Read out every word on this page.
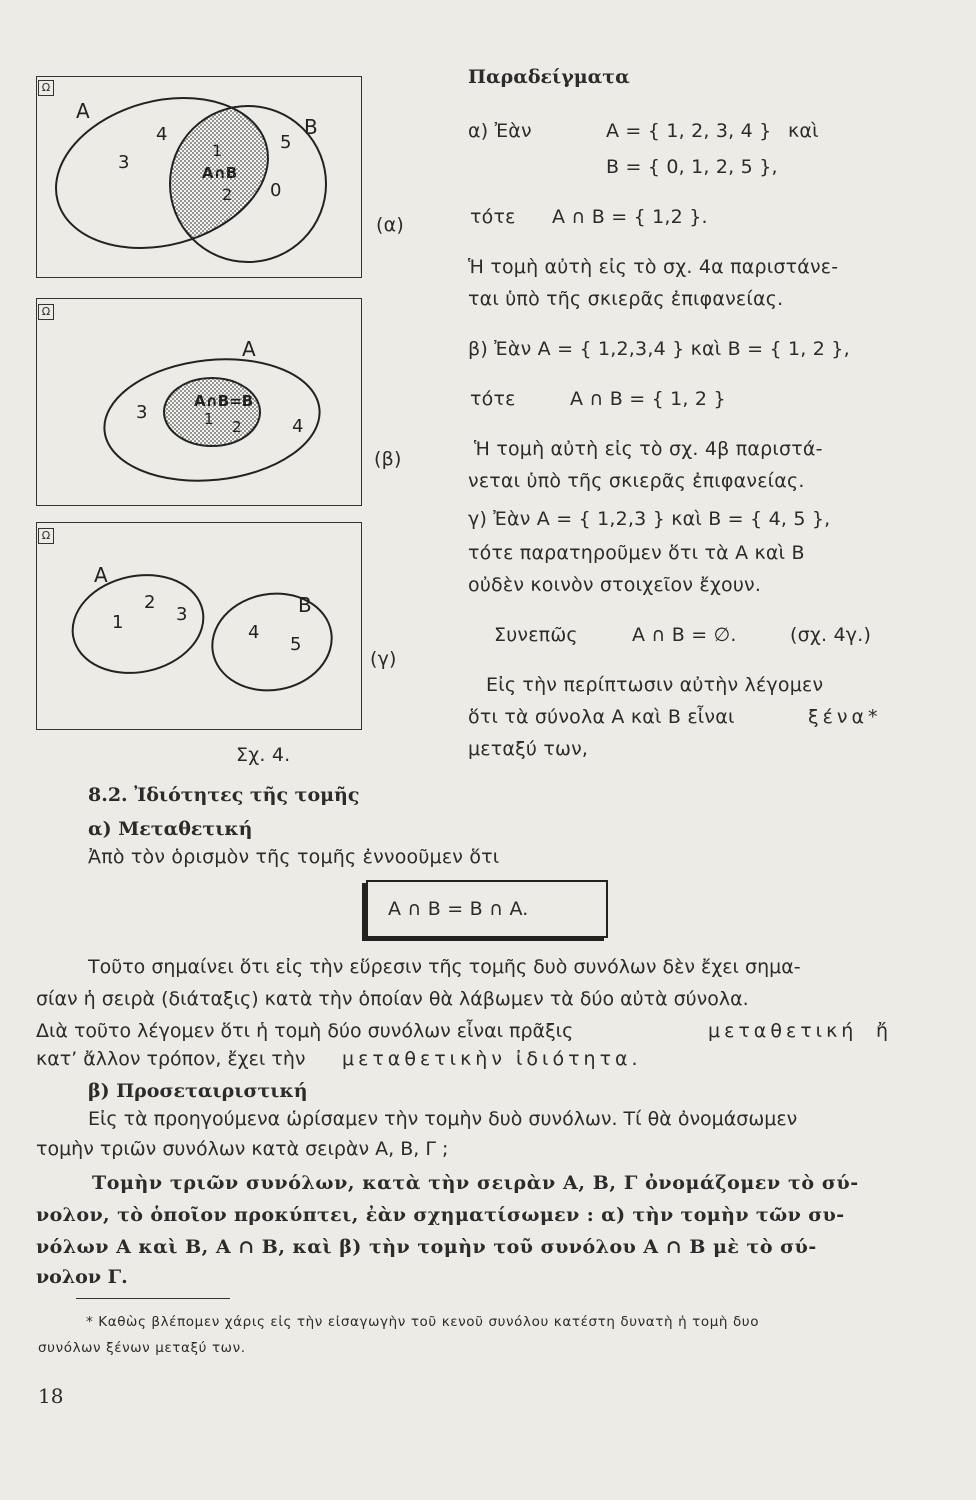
Ω
A
B
A∩B
3
4
1
2
5
0
(α)
Ω
A
A∩B=B
1 2
3
4
(β)
Ω
A
B
1
2
3
4
5
(γ)
Σχ. 4.
Παραδείγματα
α) Ἐὰν	A = { 1, 2, 3, 4 } καὶ
B = { 0, 1, 2, 5 },
τότε A ∩ B = { 1,2 }.
Ἡ τομὴ αὐτὴ εἰς τὸ σχ. 4α παριστάνε-
ται ὑπὸ τῆς σκιερᾶς ἐπιφανείας.
β) Ἐὰν A = { 1,2,3,4 } καὶ B = { 1, 2 },
τότε	A ∩ B = { 1, 2 }
Ἡ τομὴ αὐτὴ εἰς τὸ σχ. 4β παριστά-
νεται ὑπὸ τῆς σκιερᾶς ἐπιφανείας.
γ) Ἐὰν A = { 1,2,3 } καὶ B = { 4, 5 },
τότε παρατηροῦμεν ὅτι τὰ A καὶ B
οὐδὲν κοινὸν στοιχεῖον ἔχουν.
Συνεπῶς	A ∩ B = ∅.	(σχ. 4γ.)
Εἰς τὴν περίπτωσιν αὐτὴν λέγομεν
ὅτι τὰ σύνολα A καὶ B εἶναι	ξένα*
μεταξύ των,
8.2. Ἰδιότητες τῆς τομῆς
α) Μεταθετική
Ἀπὸ τὸν ὁρισμὸν τῆς τομῆς ἐννοοῦμεν ὅτι
A ∩ B = B ∩ A.
Τοῦτο σημαίνει ὅτι εἰς τὴν εὕρεσιν τῆς τομῆς δυὸ συνόλων δὲν ἔχει σημα-
σίαν ἡ σειρὰ (διάταξις) κατὰ τὴν ὁποίαν θὰ λάβωμεν τὰ δύο αὐτὰ σύνολα.
Διὰ τοῦτο λέγομεν ὅτι ἡ τομὴ δύο συνόλων εἶναι πρᾶξις	μεταθετική ἤ
κατ’ ἄλλον τρόπον, ἔχει τὴν μεταθετικὴν ἰδιότητα.
β) Προσεταιριστική
Εἰς τὰ προηγούμενα ὡρίσαμεν τὴν τομὴν δυὸ συνόλων. Τί θὰ ὀνομάσωμεν
τομὴν τριῶν συνόλων κατὰ σειρὰν A, B, Γ ;
Τομὴν τριῶν συνόλων, κατὰ τὴν σειρὰν A, B, Γ ὀνομάζομεν τὸ σύ-
νολον, τὸ ὁποῖον προκύπτει, ἐὰν σχηματίσωμεν : α) τὴν τομὴν τῶν συ-
νόλων A καὶ B, A ∩ B, καὶ β) τὴν τομὴν τοῦ συνόλου A ∩ B μὲ τὸ σύ-
νολον Γ.
* Καθὼς βλέπομεν χάρις εἰς τὴν εἰσαγωγὴν τοῦ κενοῦ συνόλου κατέστη δυνατὴ ἡ τομὴ δυο
συνόλων ξένων μεταξύ των.
18
